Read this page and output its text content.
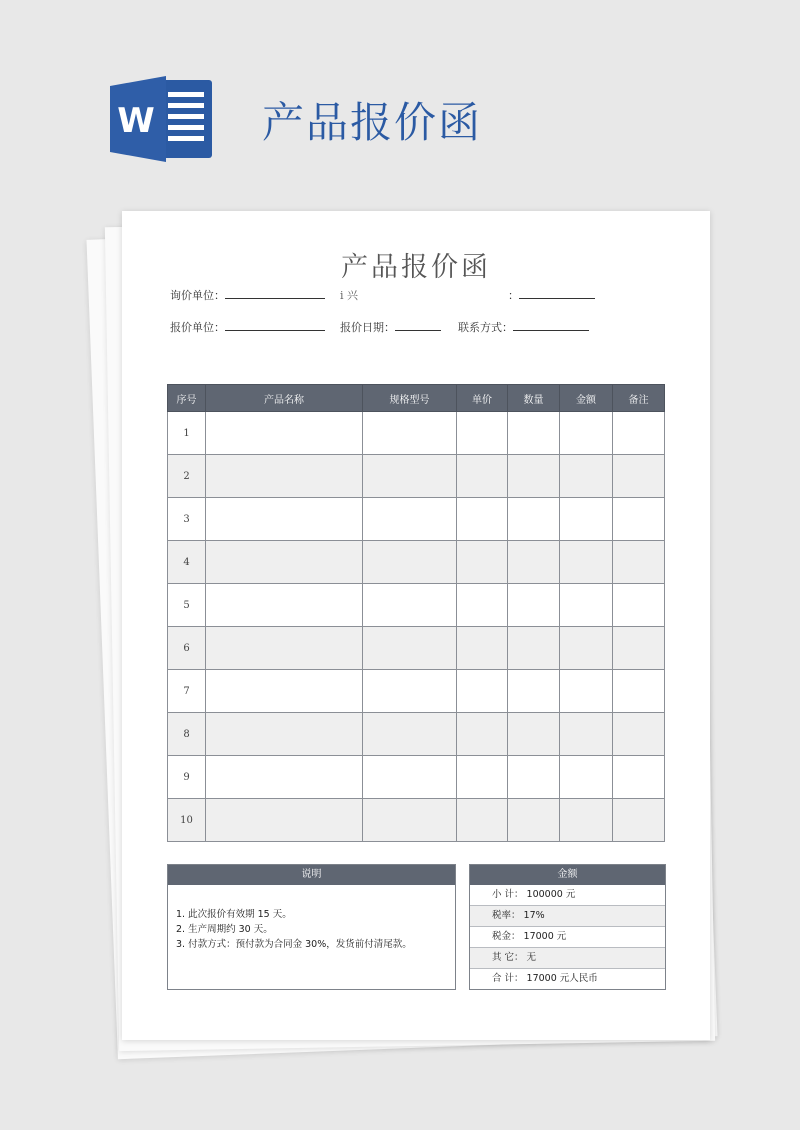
W	产品报价函
产品报价函
询价单位：	i 兴	：
报价单位：	报价日期：	联系方式：
序号	产品名称	规格型号	单价	数量	金额	备注
1						
2						
3						
4						
5						
6						
7						
8						
9						
10						
说明
1. 此次报价有效期 15 天。
2. 生产周期约 30 天。
3. 付款方式：预付款为合同金 30%，发货前付清尾款。
金额
小 计： 100000 元
税率： 17%
税金： 17000 元
其 它： 无
合 计： 17000 元人民币
